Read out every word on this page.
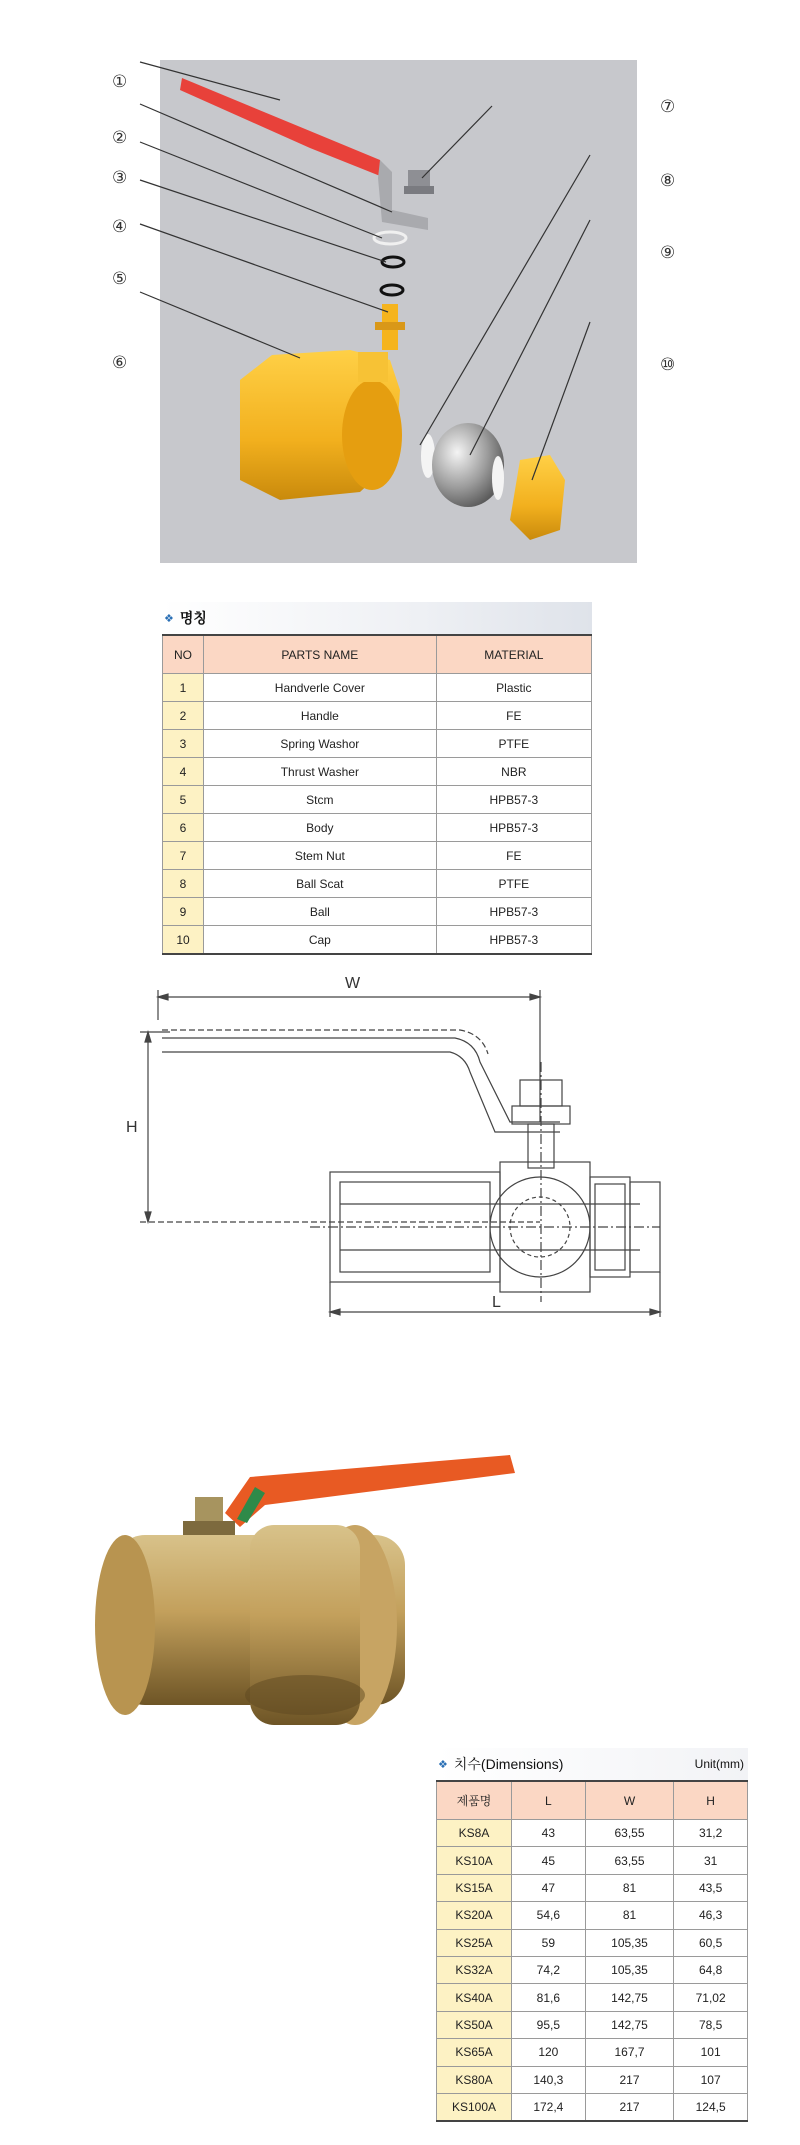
①
②
③
④
⑤
⑥
⑦
⑧
⑨
⑩
❖ 명칭
NO	PARTS NAME	MATERIAL
1	Handverle Cover	Plastic
2	Handle	FE
3	Spring Washor	PTFE
4	Thrust Washer	NBR
5	Stcm	HPB57-3
6	Body	HPB57-3
7	Stem Nut	FE
8	Ball Scat	PTFE
9	Ball	HPB57-3
10	Cap	HPB57-3
W
H
L
❖ 치수(Dimensions)	Unit(mm)
제품명	L	W	H
KS8A	43	63,55	31,2
KS10A	45	63,55	31
KS15A	47	81	43,5
KS20A	54,6	81	46,3
KS25A	59	105,35	60,5
KS32A	74,2	105,35	64,8
KS40A	81,6	142,75	71,02
KS50A	95,5	142,75	78,5
KS65A	120	167,7	101
KS80A	140,3	217	107
KS100A	172,4	217	124,5
